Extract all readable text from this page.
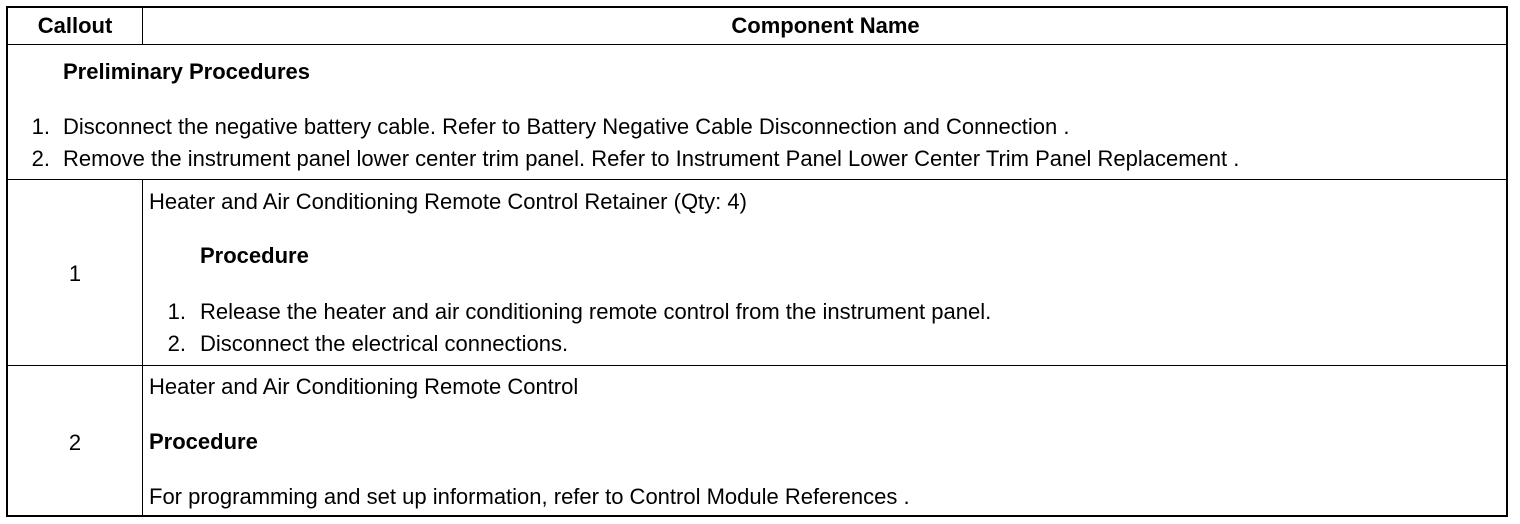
Callout	Component Name
Preliminary Procedures
1. Disconnect the negative battery cable. Refer to Battery Negative Cable Disconnection and Connection .
2. Remove the instrument panel lower center trim panel. Refer to Instrument Panel Lower Center Trim Panel Replacement .
1
Heater and Air Conditioning Remote Control Retainer (Qty: 4)
Procedure
1. Release the heater and air conditioning remote control from the instrument panel.
2. Disconnect the electrical connections.
2
Heater and Air Conditioning Remote Control
Procedure
For programming and set up information, refer to Control Module References .
